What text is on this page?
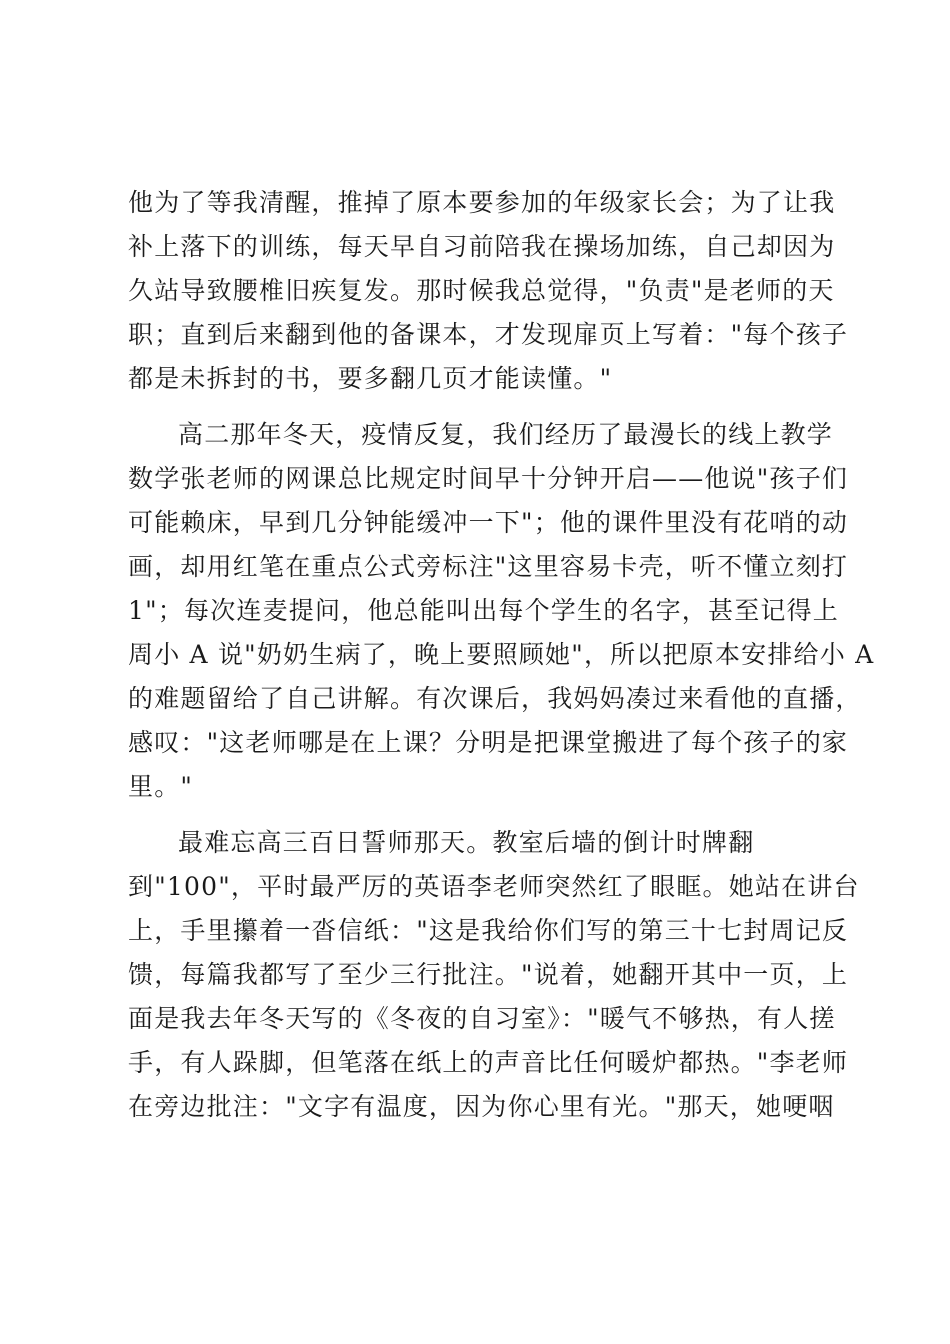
他为了等我清醒，推掉了原本要参加的年级家长会；为了让我
补上落下的训练，每天早自习前陪我在操场加练，自己却因为
久站导致腰椎旧疾复发。那时候我总觉得，"负责"是老师的天
职；直到后来翻到他的备课本，才发现扉页上写着："每个孩子
都是未拆封的书，要多翻几页才能读懂。"
高二那年冬天，疫情反复，我们经历了最漫长的线上教学
数学张老师的网课总比规定时间早十分钟开启——他说"孩子们
可能赖床，早到几分钟能缓冲一下"；他的课件里没有花哨的动
画，却用红笔在重点公式旁标注"这里容易卡壳，听不懂立刻打
1"；每次连麦提问，他总能叫出每个学生的名字，甚至记得上
周小 A 说"奶奶生病了，晚上要照顾她"，所以把原本安排给小 A
的难题留给了自己讲解。有次课后，我妈妈凑过来看他的直播，
感叹："这老师哪是在上课？分明是把课堂搬进了每个孩子的家
里。"
最难忘高三百日誓师那天。教室后墙的倒计时牌翻
到"100"，平时最严厉的英语李老师突然红了眼眶。她站在讲台
上，手里攥着一沓信纸："这是我给你们写的第三十七封周记反
馈，每篇我都写了至少三行批注。"说着，她翻开其中一页，上
面是我去年冬天写的《冬夜的自习室》："暖气不够热，有人搓
手，有人跺脚，但笔落在纸上的声音比任何暖炉都热。"李老师
在旁边批注："文字有温度，因为你心里有光。"那天，她哽咽
